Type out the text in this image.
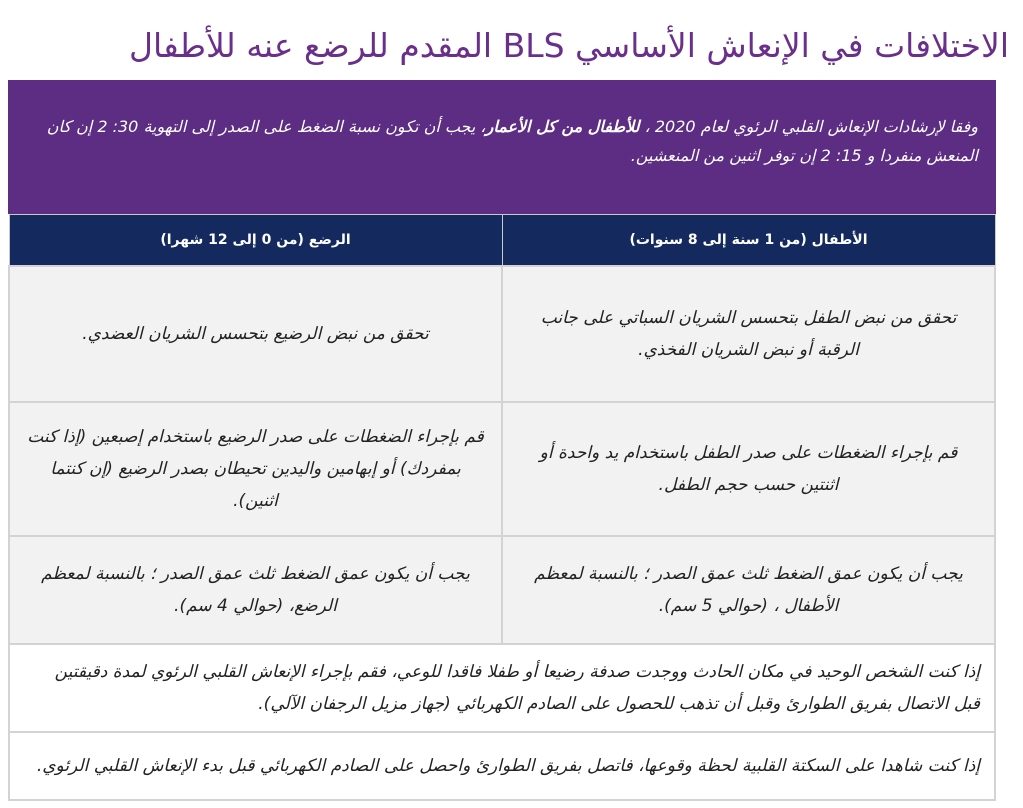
الاختلافات في الإنعاش الأساسي BLS المقدم للرضع عنه للأطفال
وفقا لإرشادات الإنعاش القلبي الرئوي لعام 2020 ، للأطفال من كل الأعمار، يجب أن تكون نسبة الضغط على الصدر إلى التهوية 30: 2 إن كان المنعش منفردا و 15: 2 إن توفر اثنين من المنعشين.
الأطفال (من 1 سنة إلى 8 سنوات)	الرضع (من 0 إلى 12 شهرا)
تحقق من نبض الطفل بتحسس الشريان السباتي على جانب الرقبة أو نبض الشريان الفخذي.	تحقق من نبض الرضيع بتحسس الشريان العضدي.
قم بإجراء الضغطات على صدر الطفل باستخدام يد واحدة أو اثنتين حسب حجم الطفل.	قم بإجراء الضغطات على صدر الرضيع باستخدام إصبعين (إذا كنت بمفردك) أو إبهامين واليدين تحيطان بصدر الرضيع (إن كنتما اثنين).
يجب أن يكون عمق الضغط ثلث عمق الصدر ؛ بالنسبة لمعظم الأطفال ، (حوالي 5 سم).	يجب أن يكون عمق الضغط ثلث عمق الصدر ؛ بالنسبة لمعظم الرضع، (حوالي 4 سم).
إذا كنت الشخص الوحيد في مكان الحادث ووجدت صدفة رضيعا أو طفلا فاقدا للوعي، فقم بإجراء الإنعاش القلبي الرئوي لمدة دقيقتين قبل الاتصال بفريق الطوارئ وقبل أن تذهب للحصول على الصادم الكهربائي (جهاز مزيل الرجفان الآلي).	
إذا كنت شاهدا على السكتة القلبية لحظة وقوعها، فاتصل بفريق الطوارئ واحصل على الصادم الكهربائي قبل بدء الإنعاش القلبي الرئوي.	
